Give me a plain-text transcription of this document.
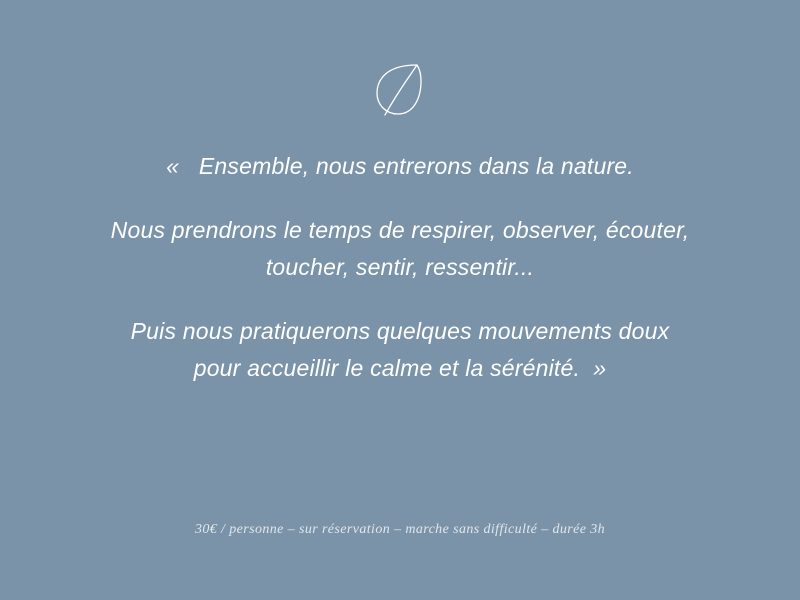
«   Ensemble, nous entrerons dans la nature.

Nous prendrons le temps de respirer, observer, écouter,
toucher, sentir, ressentir...

Puis nous pratiquerons quelques mouvements doux
pour accueillir le calme et la sérénité.  »

30€ / personne – sur réservation – marche sans difficulté – durée 3h
